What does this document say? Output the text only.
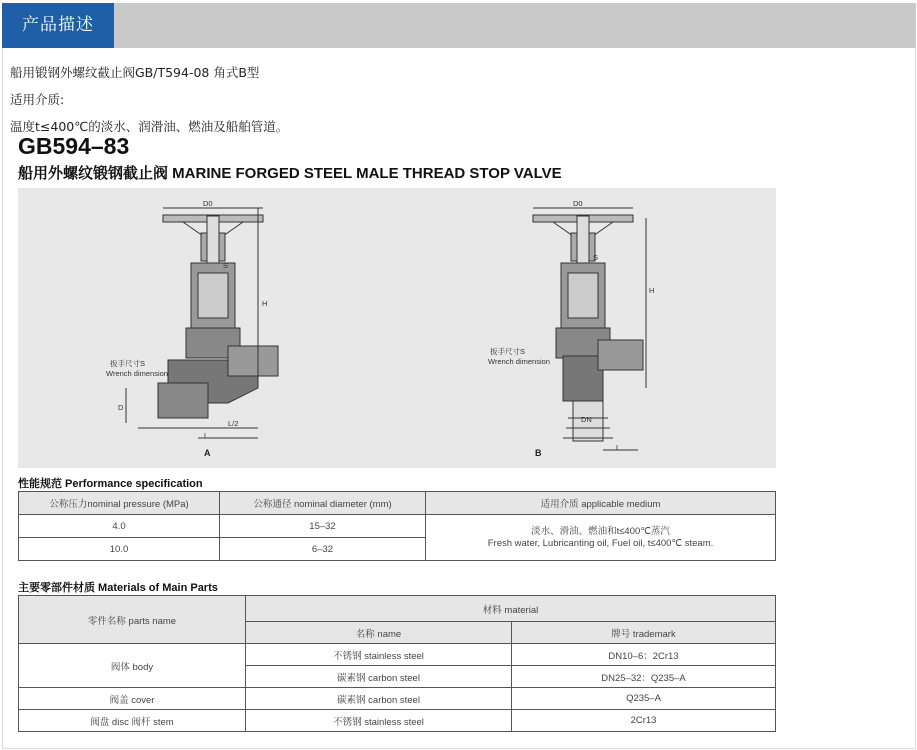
产品描述
船用锻钢外螺纹截止阀GB/T594-08 角式B型
适用介质:
温度t≤400℃的淡水、润滑油、燃油及船舶管道。
GB594–83
船用外螺纹锻钢截止阀 MARINE FORGED STEEL MALE THREAD STOP VALVE
D0	D0
H
H
S
S
扳手尺寸S
Wrench dimension
扳手尺寸S
Wrench dimension
D
L/2
L
DN
L
A	B
性能规范 Performance specification
公称压力nominal pressure (MPa)	公称通径 nominal diameter (mm)	适用介质 applicable medium
4.0	15–32	淡水、滑油、燃油和t≤400℃蒸汽
Fresh water, Lubricanting oil, Fuel oil, t≤400℃ steam.
10.0	6–32	
主要零部件材质 Materials of Main Parts
零件名称 parts name	材料 material	
	名称 name	牌号 trademark
阀体 body	不锈钢 stainless steel	DN10–6：2Cr13
	碳素钢 carbon steel	DN25–32：Q235–A
阀盖 cover	碳素钢 carbon steel	Q235–A
阀盘 disc 阀杆 stem	不锈钢 stainless steel	2Cr13
